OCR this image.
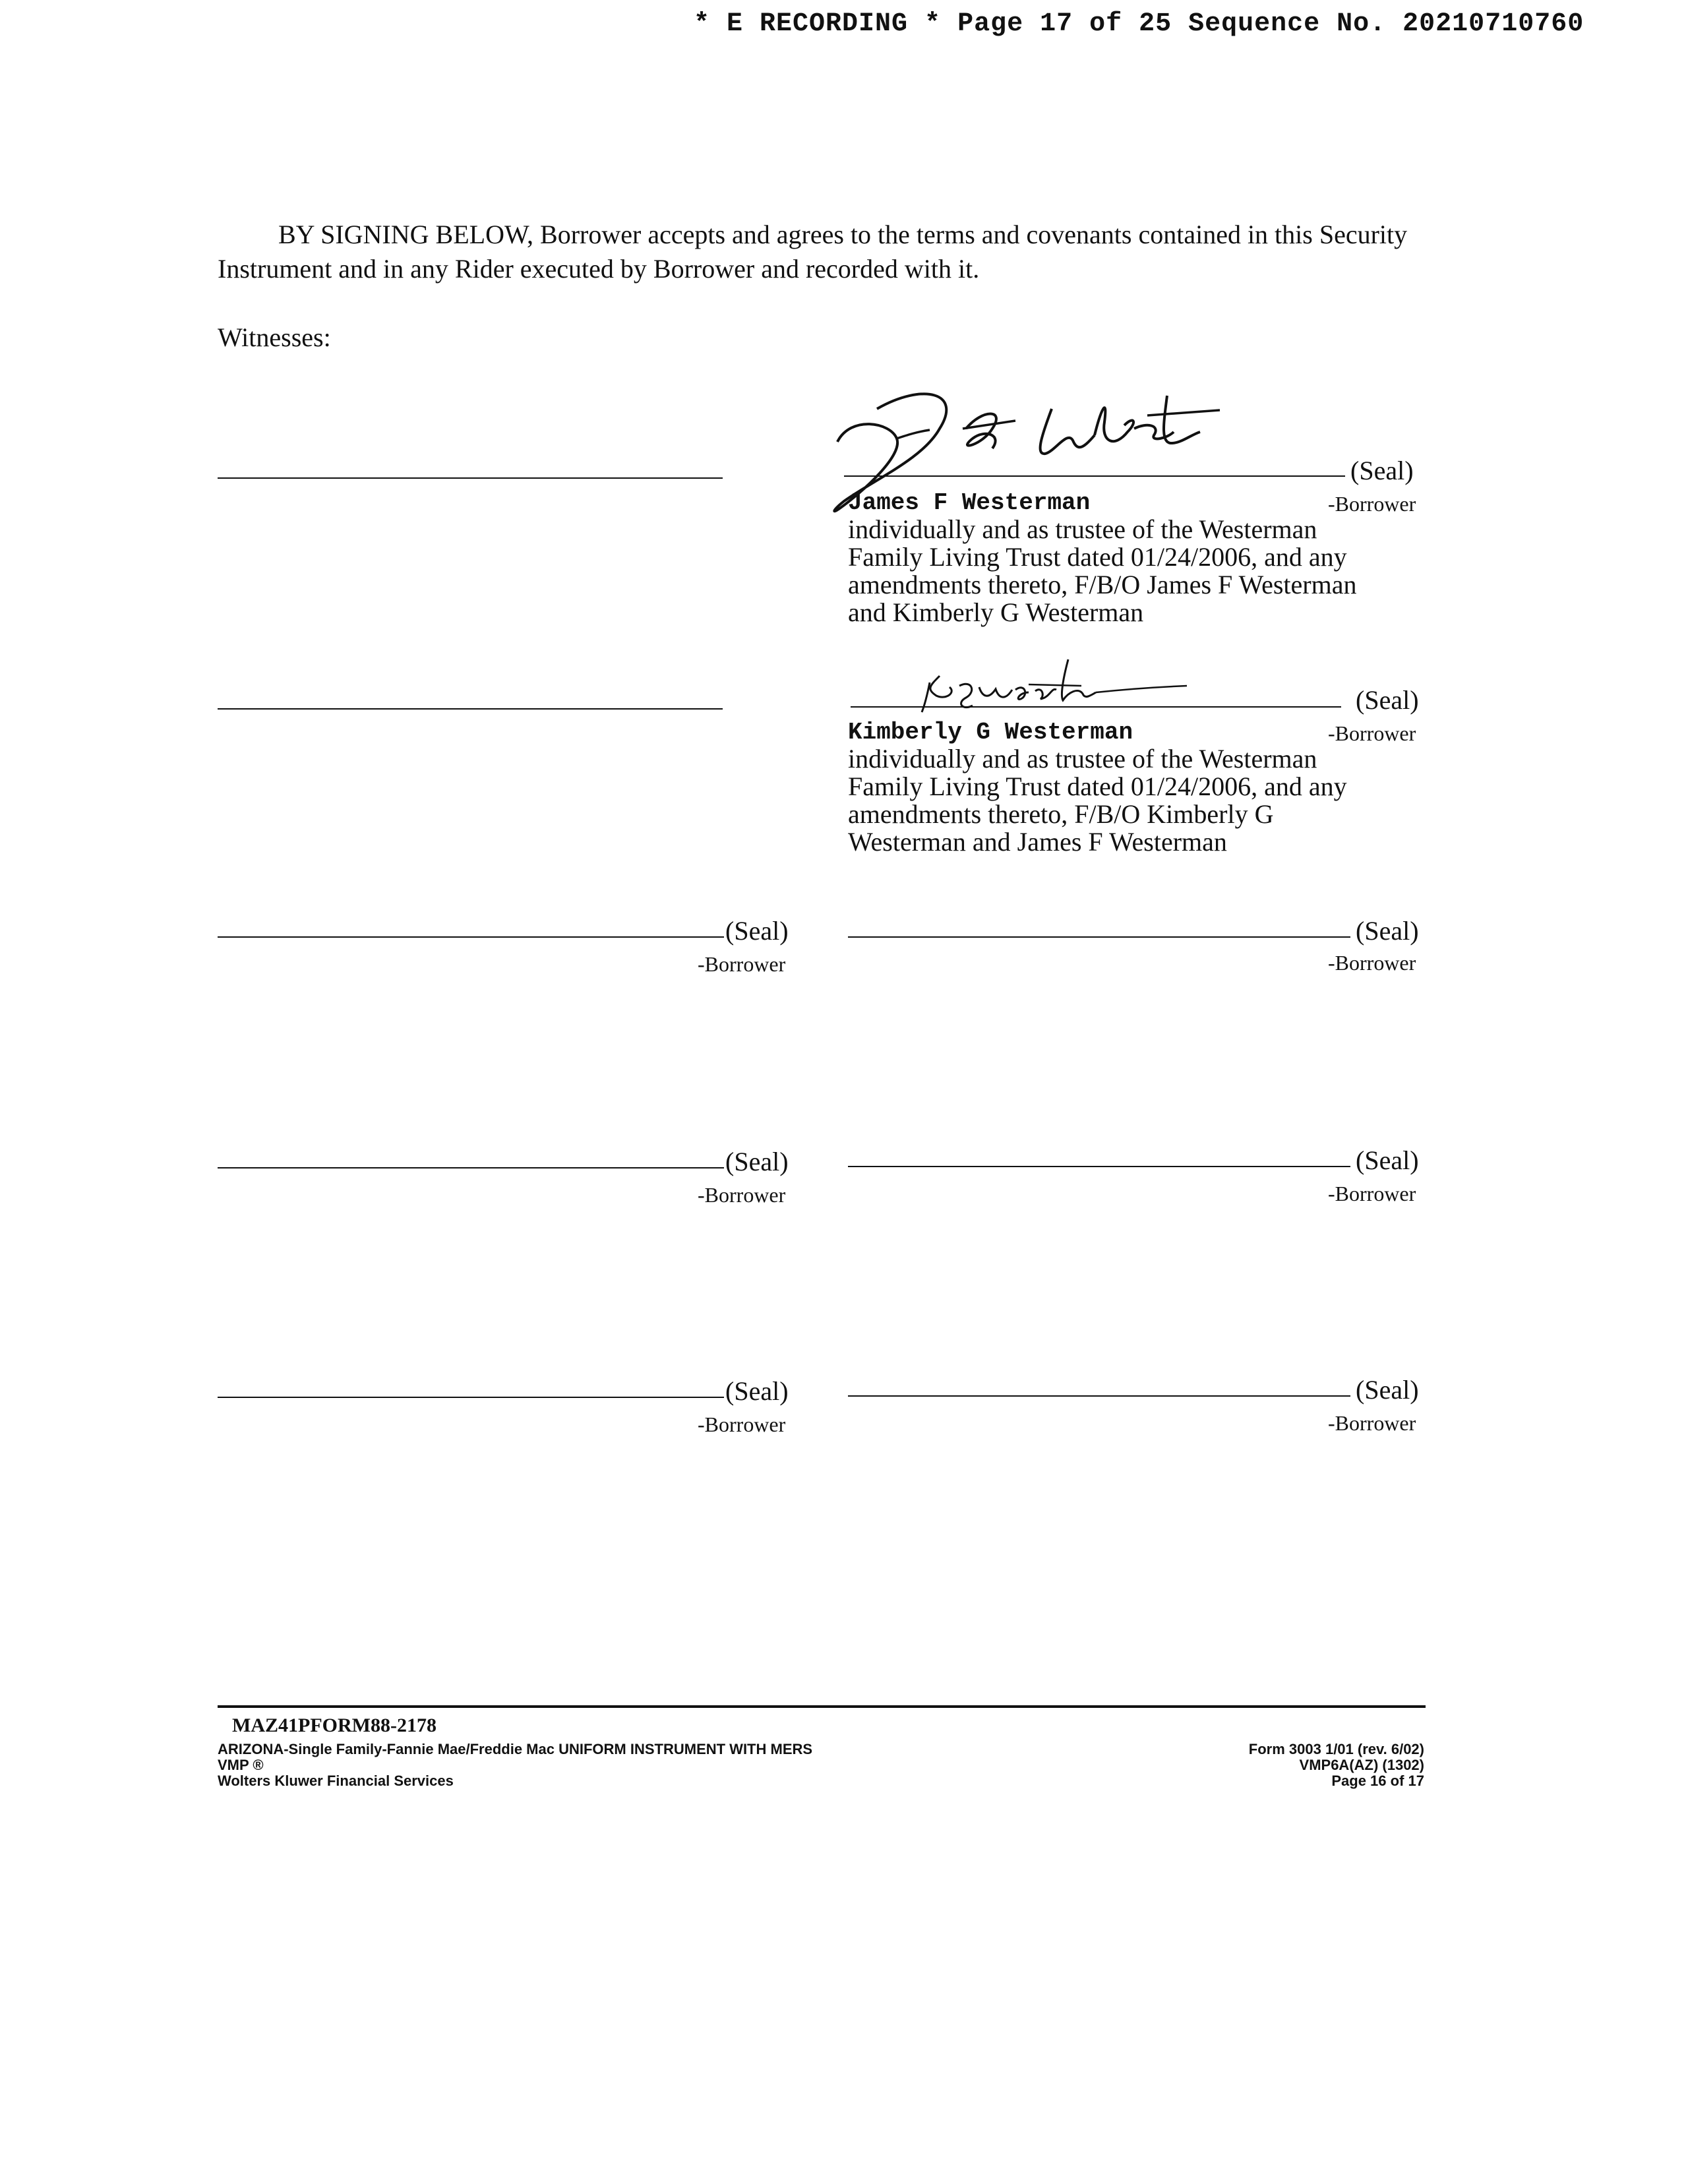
* E RECORDING * Page 17 of 25 Sequence No. 20210710760

BY SIGNING BELOW, Borrower accepts and agrees to the terms and covenants contained in this Security Instrument and in any Rider executed by Borrower and recorded with it.

Witnesses:
(Seal)
James F Westerman	-Borrower
individually and as trustee of the Westerman
Family Living Trust dated 01/24/2006, and any
amendments thereto, F/B/O James F Westerman
and Kimberly G Westerman
(Seal)
Kimberly G Westerman	-Borrower
individually and as trustee of the Westerman
Family Living Trust dated 01/24/2006, and any
amendments thereto, F/B/O Kimberly G
Westerman and James F Westerman
(Seal)
-Borrower
(Seal)
-Borrower
(Seal)
-Borrower
(Seal)
-Borrower
(Seal)
-Borrower
(Seal)
-Borrower
MAZ41PFORM88-2178
ARIZONA-Single Family-Fannie Mae/Freddie Mac UNIFORM INSTRUMENT WITH MERS
VMP ®
Wolters Kluwer Financial Services
Form 3003 1/01 (rev. 6/02)
VMP6A(AZ) (1302)
Page 16 of 17
